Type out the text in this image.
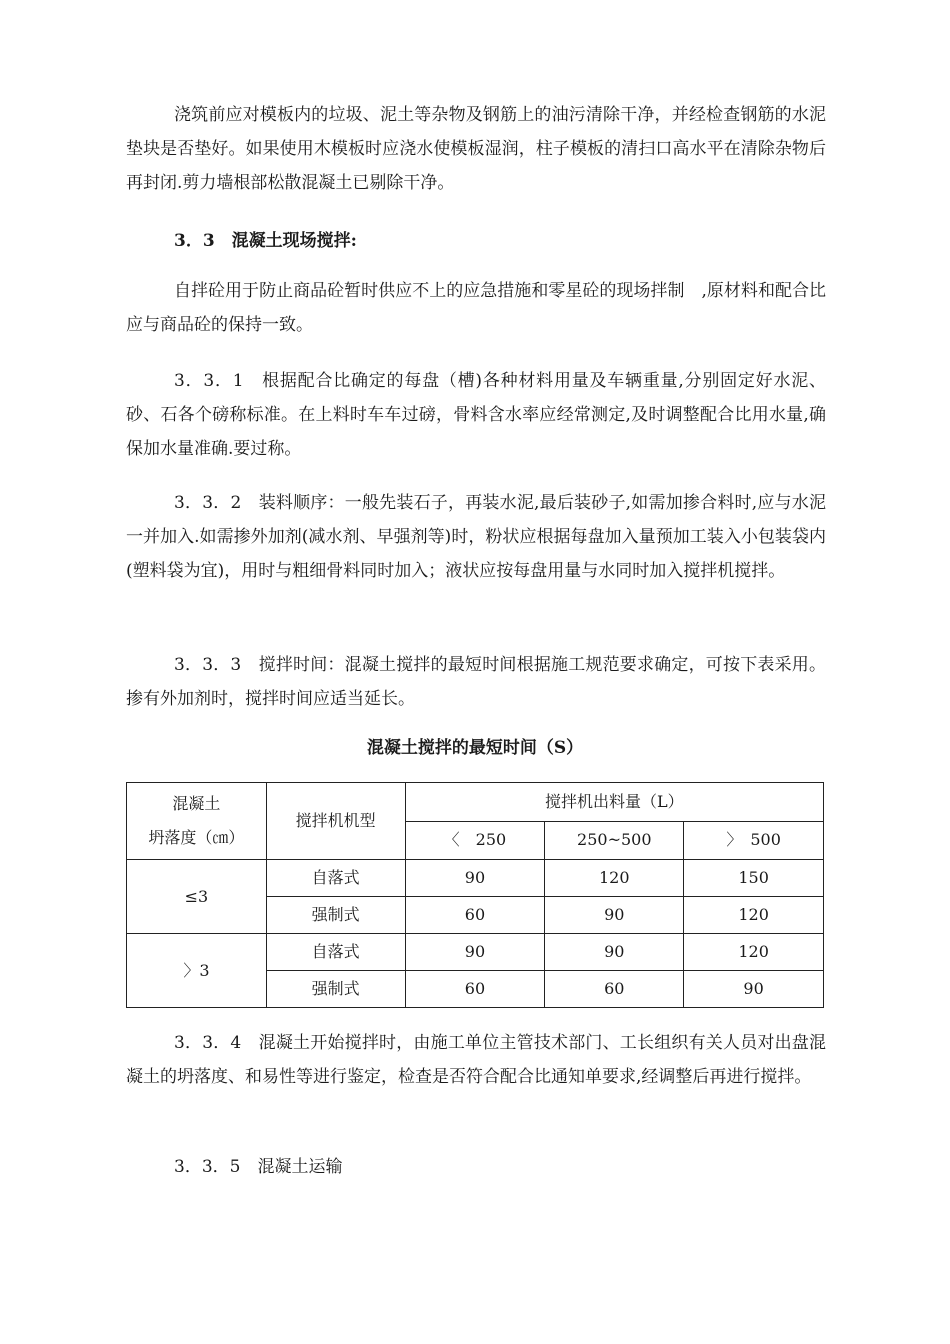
浇筑前应对模板内的垃圾、泥土等杂物及钢筋上的油污清除干净，并经检查钢筋的水泥垫块是否垫好。如果使用木模板时应浇水使模板湿润，柱子模板的清扫口高水平在清除杂物后再封闭.剪力墙根部松散混凝土已剔除干净。

3．3　混凝土现场搅拌:

自拌砼用于防止商品砼暂时供应不上的应急措施和零星砼的现场拌制　,原材料和配合比应与商品砼的保持一致。

3．3．1　根据配合比确定的每盘（槽)各种材料用量及车辆重量,分别固定好水泥、砂、石各个磅称标准。在上料时车车过磅，骨料含水率应经常测定,及时调整配合比用水量,确保加水量准确.要过称。

3．3．2　装料顺序：一般先装石子，再装水泥,最后装砂子,如需加掺合料时,应与水泥一并加入.如需掺外加剂(减水剂、早强剂等)时，粉状应根据每盘加入量预加工装入小包装袋内(塑料袋为宜)，用时与粗细骨料同时加入；液状应按每盘用量与水同时加入搅拌机搅拌。

3．3．3　搅拌时间：混凝土搅拌的最短时间根据施工规范要求确定，可按下表采用。掺有外加剂时，搅拌时间应适当延长。

混凝土搅拌的最短时间（S）

混凝土
坍落度（㎝）	搅拌机机型	搅拌机出料量（L）		
		〈　250	250~500	〉　500
≤3	自落式	90	120	150
	强制式	60	90	120
〉3	自落式	90	90	120
	强制式	60	60	90

3．3．4　混凝土开始搅拌时，由施工单位主管技术部门、工长组织有关人员对出盘混凝土的坍落度、和易性等进行鉴定，检查是否符合配合比通知单要求,经调整后再进行搅拌。

3．3．5　混凝土运输
